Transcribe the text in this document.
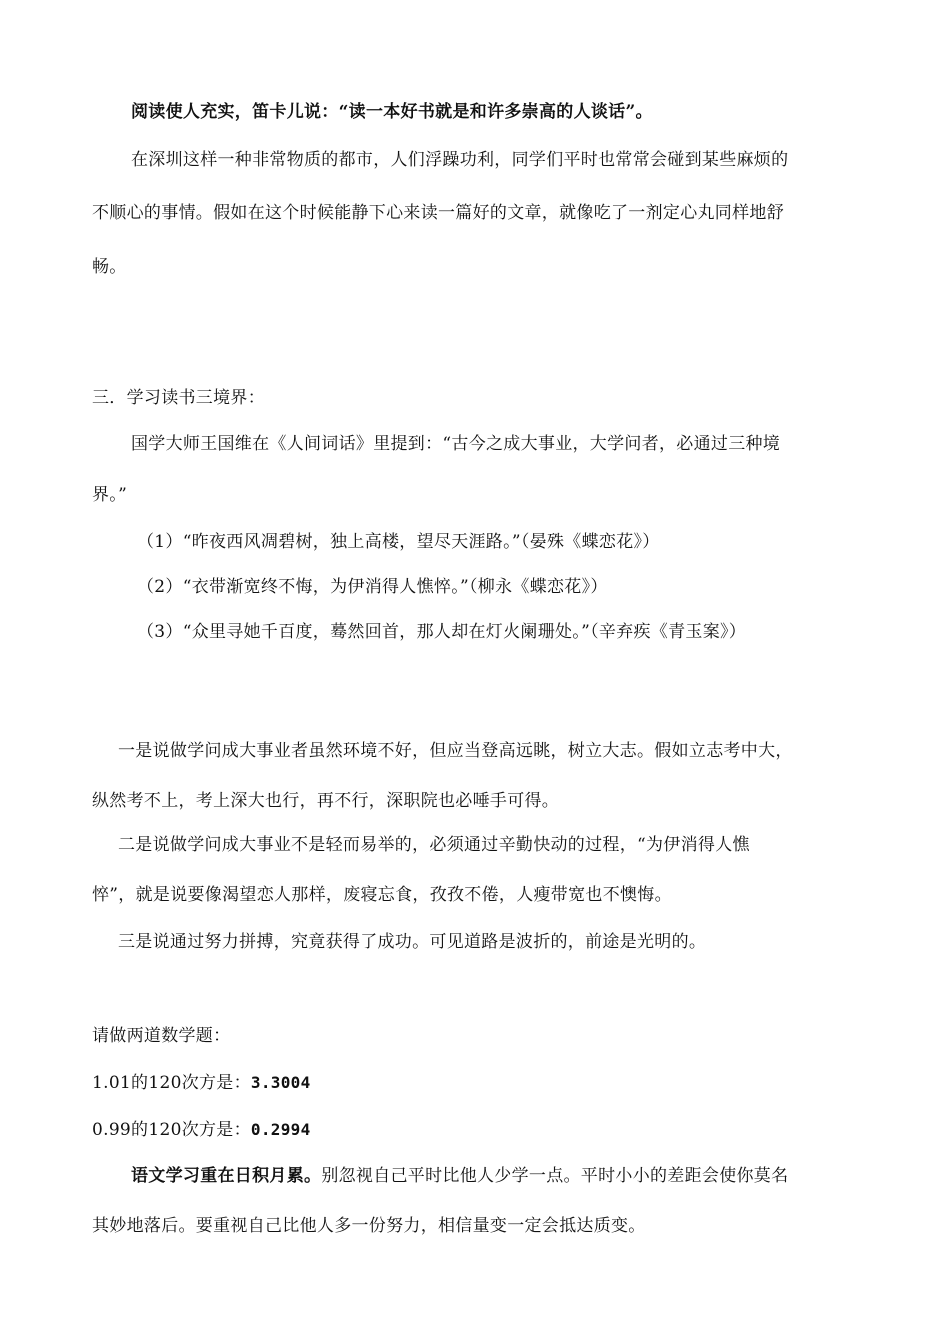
阅读使人充实，笛卡儿说：“读一本好书就是和许多崇高的人谈话”。
在深圳这样一种非常物质的都市，人们浮躁功利，同学们平时也常常会碰到某些麻烦的
不顺心的事情。假如在这个时候能静下心来读一篇好的文章，就像吃了一剂定心丸同样地舒
畅。
三．学习读书三境界：
国学大师王国维在《人间词话》里提到：“古今之成大事业，大学问者，必通过三种境
界。”
（1）“昨夜西风凋碧树，独上高楼，望尽天涯路。”（晏殊《蝶恋花》）
（2）“衣带渐宽终不悔，为伊消得人憔悴。”（柳永《蝶恋花》）
（3）“众里寻她千百度，蓦然回首，那人却在灯火阑珊处。”（辛弃疾《青玉案》）
一是说做学问成大事业者虽然环境不好，但应当登高远眺，树立大志。假如立志考中大，
纵然考不上，考上深大也行，再不行，深职院也必唾手可得。
二是说做学问成大事业不是轻而易举的，必须通过辛勤快动的过程，“为伊消得人憔
悴”，就是说要像渴望恋人那样，废寝忘食，孜孜不倦，人瘦带宽也不懊悔。
三是说通过努力拼搏，究竟获得了成功。可见道路是波折的，前途是光明的。
请做两道数学题：
1.01的120次方是：3.3004
0.99的120次方是：0.2994
语文学习重在日积月累。别忽视自己平时比他人少学一点。平时小小的差距会使你莫名
其妙地落后。要重视自己比他人多一份努力，相信量变一定会抵达质变。
